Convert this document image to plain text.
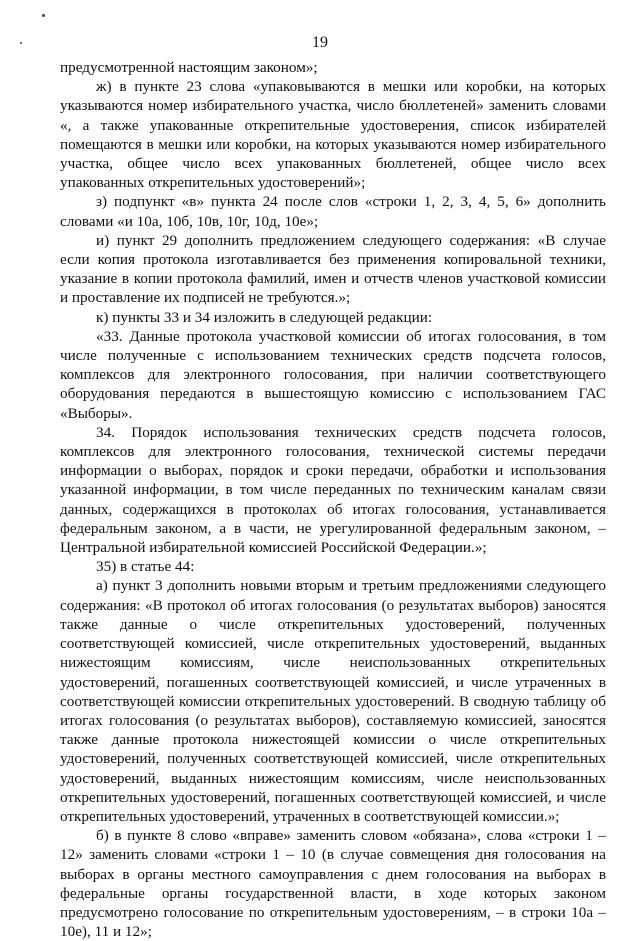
19

предусмотренной настоящим законом»;

ж) в пункте 23 слова «упаковываются в мешки или коробки, на которых указываются номер избирательного участка, число бюллетеней» заменить словами «, а также упакованные открепительные удостоверения, список избирателей помещаются в мешки или коробки, на которых указываются номер избирательного участка, общее число всех упакованных бюллетеней, общее число всех упакованных открепительных удостоверений»;

з) подпункт «в» пункта 24 после слов «строки 1, 2, 3, 4, 5, 6» дополнить словами «и 10а, 10б, 10в, 10г, 10д, 10е»;

и) пункт 29 дополнить предложением следующего содержания: «В случае если копия протокола изготавливается без применения копировальной техники, указание в копии протокола фамилий, имен и отчеств членов участковой комиссии и проставление их подписей не требуются.»;

к) пункты 33 и 34 изложить в следующей редакции:

«33. Данные протокола участковой комиссии об итогах голосования, в том числе полученные с использованием технических средств подсчета голосов, комплексов для электронного голосования, при наличии соответствующего оборудования передаются в вышестоящую комиссию с использованием ГАС «Выборы».

34. Порядок использования технических средств подсчета голосов, комплексов для электронного голосования, технической системы передачи информации о выборах, порядок и сроки передачи, обработки и использования указанной информации, в том числе переданных по техническим каналам связи данных, содержащихся в протоколах об итогах голосования, устанавливается федеральным законом, а в части, не урегулированной федеральным законом, – Центральной избирательной комиссией Российской Федерации.»;

35) в статье 44:

а) пункт 3 дополнить новыми вторым и третьим предложениями следующего содержания: «В протокол об итогах голосования (о результатах выборов) заносятся также данные о числе открепительных удостоверений, полученных соответствующей комиссией, числе открепительных удостоверений, выданных нижестоящим комиссиям, числе неиспользованных открепительных удостоверений, погашенных соответствующей комиссией, и числе утраченных в соответствующей комиссии открепительных удостоверений. В сводную таблицу об итогах голосования (о результатах выборов), составляемую комиссией, заносятся также данные протокола нижестоящей комиссии о числе открепительных удостоверений, полученных соответствующей комиссией, числе открепительных удостоверений, выданных нижестоящим комиссиям, числе неиспользованных открепительных удостоверений, погашенных соответствующей комиссией, и числе открепительных удостоверений, утраченных в соответствующей комиссии.»;

б) в пункте 8 слово «вправе» заменить словом «обязана», слова «строки 1 – 12» заменить словами «строки 1 – 10 (в случае совмещения дня голосования на выборах в органы местного самоуправления с днем голосования на выборах в федеральные органы государственной власти, в ходе которых законом предусмотрено голосование по открепительным удостоверениям, – в строки 10а – 10е), 11 и 12»;
